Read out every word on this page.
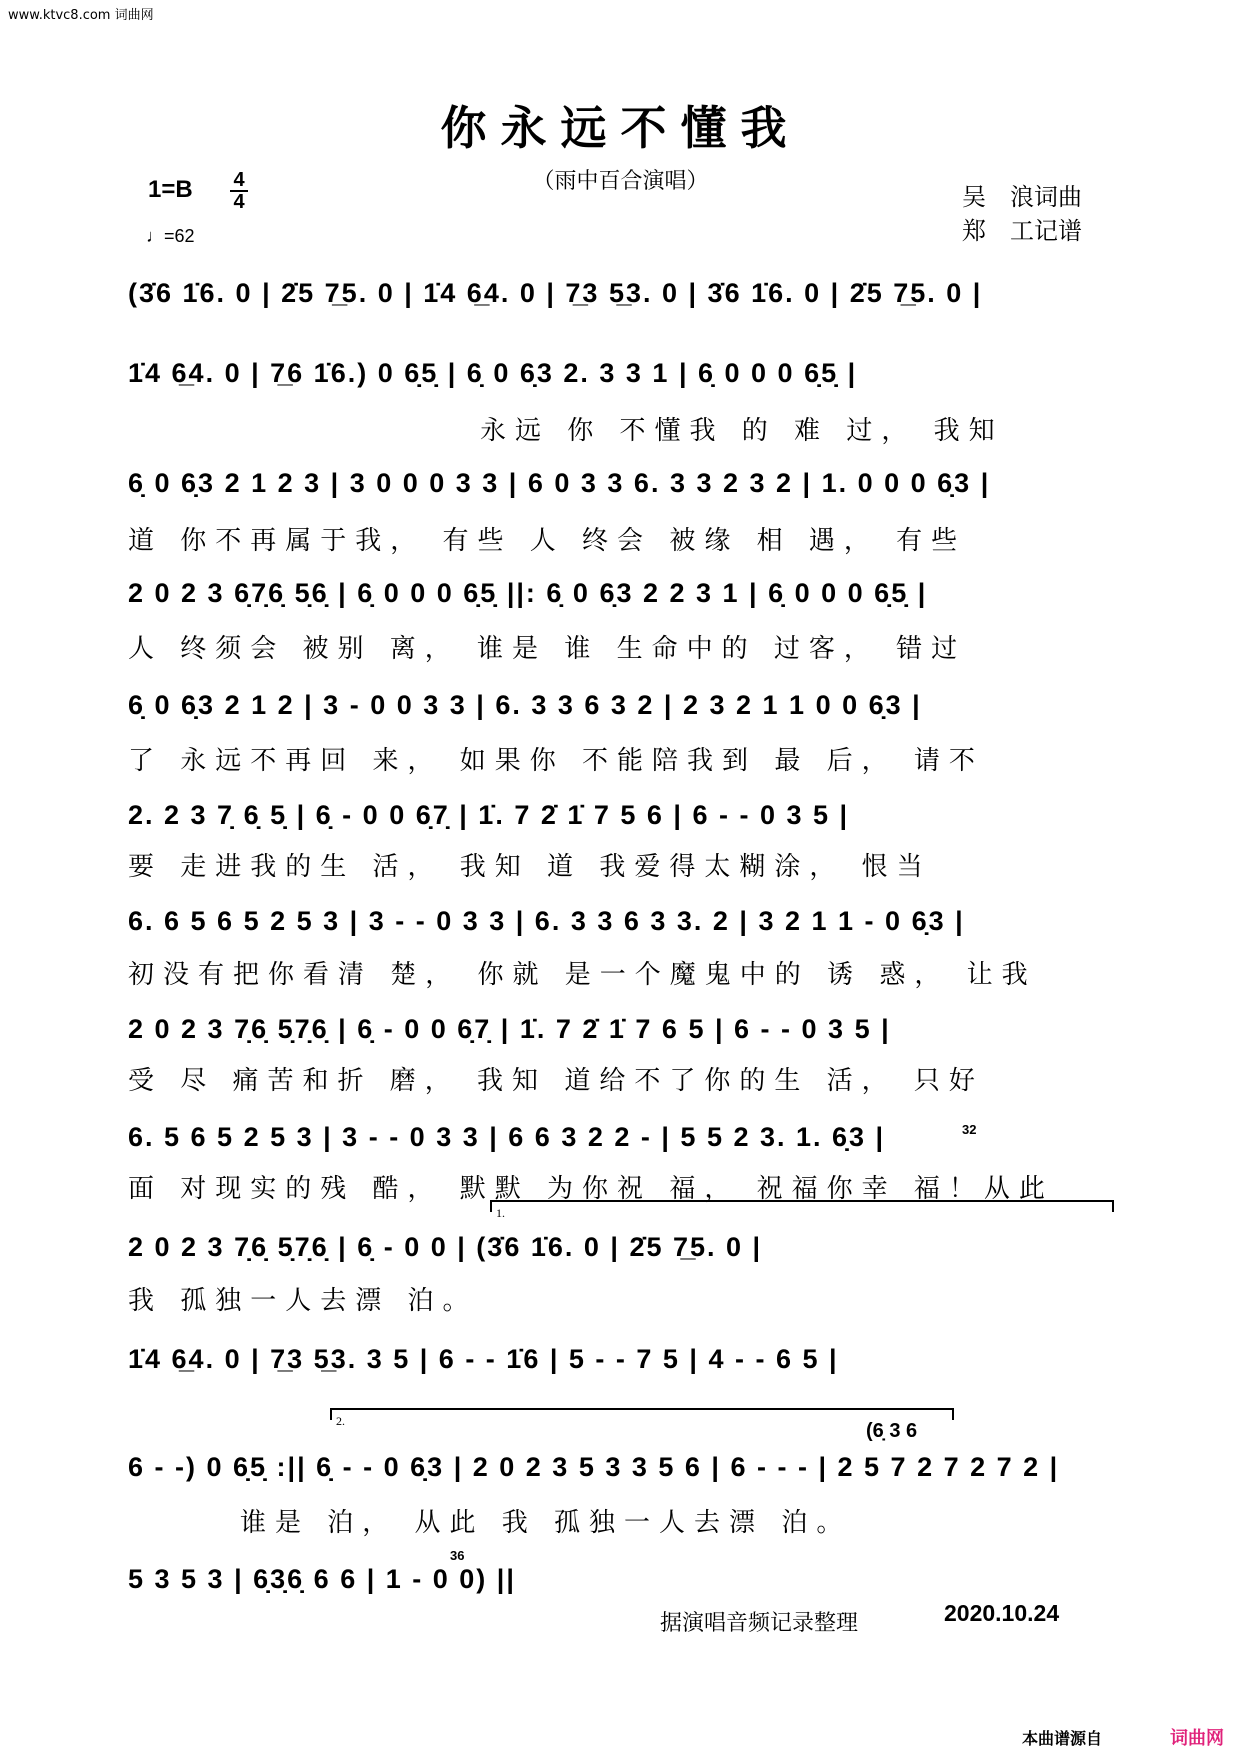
www.ktvc8.com 词曲网
你永远不懂我
（雨中百合演唱）
1=B 4
4
♩=62
吴　浪词曲
郑　工记谱
(3̇6 1̇6. 0 | 2̇5 7̲5. 0 | 1̇4 6̲4. 0 | 7̲3 5̲3. 0 | 3̇6 1̇6. 0 | 2̇5 7̲5. 0 |
1̇4 6̲4. 0 | 7̲6 1̇6.) 0 6̣5̣ | 6̣ 0 6̣3 2. 3 3 1 | 6̣ 0 0 0 6̣5̣ |
永远 你 不懂我 的 难 过， 我知
6̣ 0 6̣3 2 1 2 3 | 3 0 0 0 3 3 | 6 0 3 3 6. 3 3 2 3 2 | 1. 0 0 0 6̣3 |
道 你不再属于我， 有些 人 终会 被缘 相 遇， 有些
2 0 2 3 6̣7̣6̣ 5̣6̣ | 6̣ 0 0 0 6̣5̣ ||: 6̣ 0 6̣3 2 2 3 1 | 6̣ 0 0 0 6̣5̣ |
人 终须会 被别 离， 谁是 谁 生命中的 过客， 错过
6̣ 0 6̣3 2 1 2 | 3 - 0 0 3 3 | 6. 3 3 6 3 2 | 2 3 2 1 1 0 0 6̣3 |
了 永远不再回 来， 如果你 不能陪我到 最 后， 请不
2. 2 3 7̣ 6̣ 5̣ | 6̣ - 0 0 6̣7̣ | 1̇. 7 2̇ 1̇ 7 5 6 | 6 - - 0 3 5 |
要 走进我的生 活， 我知 道 我爱得太糊涂， 恨当
6. 6 5 6 5 2 5 3 | 3 - - 0 3 3 | 6. 3 3 6 3 3. 2 | 3 2 1 1 - 0 6̣3 |
初没有把你看清 楚， 你就 是一个魔鬼中的 诱 惑， 让我
2 0 2 3 7̣6̣ 5̣7̣6̣ | 6̣ - 0 0 6̣7̣ | 1̇. 7 2̇ 1̇ 7 6 5 | 6 - - 0 3 5 |
受 尽 痛苦和折 磨， 我知 道给不了你的生 活， 只好
6. 5 6 5 2 5 3 | 3 - - 0 3 3 | 6 6 3 2 2 - | 5 5 2 3. 1. 6̣3 |
面 对现实的残 酷， 默默 为你祝 福， 祝福你幸 福！从此
1.
2 0 2 3 7̣6̣ 5̣7̣6̣ | 6̣ - 0 0 | (3̇6 1̇6. 0 | 2̇5 7̲5. 0 |
我 孤独一人去漂 泊。
1̇4 6̲4. 0 | 7̲3 5̲3. 3 5 | 6 - - 1̇6 | 5 - - 7 5 | 4 - - 6 5 |
2.	(6̣ 3 6
6 - -) 0 6̣5̣ :|| 6̣ - - 0 6̣3 | 2 0 2 3 5 3 3 5 6 | 6 - - - | 2 5 7 2 7 2 7 2 |
谁是 泊， 从此 我 孤独一人去漂 泊。
32
36
5 3 5 3 | 6̣3̣6̣ 6 6 | 1 - 0 0) ||
据演唱音频记录整理	2020.10.24
本曲谱源自	词曲网
